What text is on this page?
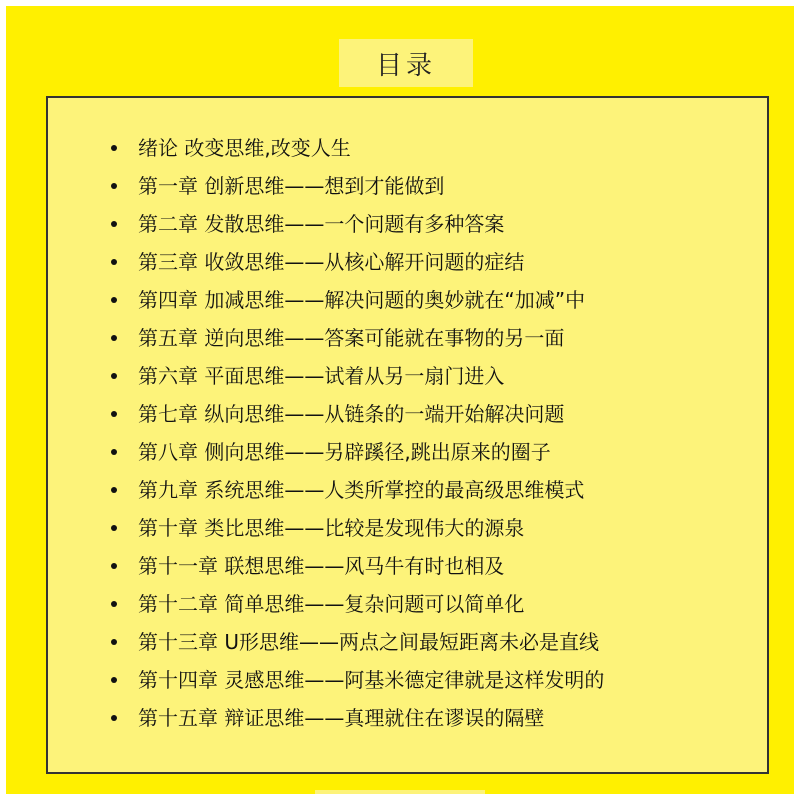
目录
绪论 改变思维,改变人生
第一章 创新思维——想到才能做到
第二章 发散思维——一个问题有多种答案
第三章 收敛思维——从核心解开问题的症结
第四章 加减思维——解决问题的奥妙就在“加减”中
第五章 逆向思维——答案可能就在事物的另一面
第六章 平面思维——试着从另一扇门进入
第七章 纵向思维——从链条的一端开始解决问题
第八章 侧向思维——另辟蹊径,跳出原来的圈子
第九章 系统思维——人类所掌控的最高级思维模式
第十章 类比思维——比较是发现伟大的源泉
第十一章 联想思维——风马牛有时也相及
第十二章 简单思维——复杂问题可以简单化
第十三章 U形思维——两点之间最短距离未必是直线
第十四章 灵感思维——阿基米德定律就是这样发明的
第十五章 辩证思维——真理就住在谬误的隔壁
